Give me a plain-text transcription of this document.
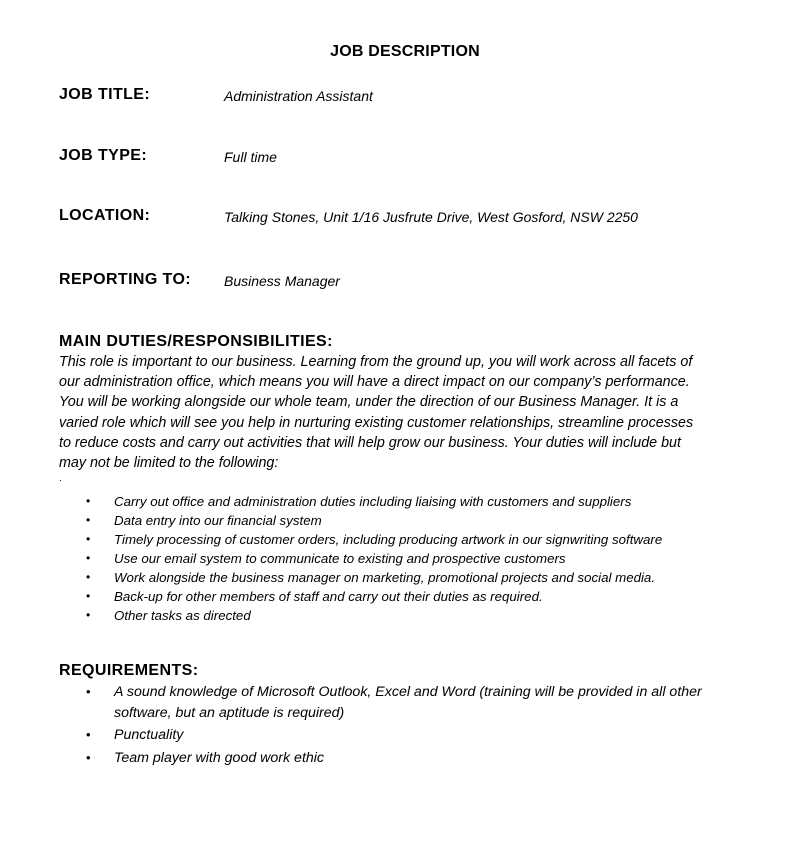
JOB DESCRIPTION
JOB TITLE:	Administration Assistant
JOB TYPE:	Full time
LOCATION:	Talking Stones, Unit 1/16 Jusfrute Drive, West Gosford, NSW 2250
REPORTING TO: Business Manager
MAIN DUTIES/RESPONSIBILITIES:
This role is important to our business. Learning from the ground up, you will work across all facets of
our administration office, which means you will have a direct impact on our company’s performance.
You will be working alongside our whole team, under the direction of our Business Manager. It is a
varied role which will see you help in nurturing existing customer relationships, streamline processes
to reduce costs and carry out activities that will help grow our business. Your duties will include but
may not be limited to the following:
.
• Carry out office and administration duties including liaising with customers and suppliers
• Data entry into our financial system
• Timely processing of customer orders, including producing artwork in our signwriting software
• Use our email system to communicate to existing and prospective customers
• Work alongside the business manager on marketing, promotional projects and social media.
• Back-up for other members of staff and carry out their duties as required.
• Other tasks as directed
REQUIREMENTS:
• A sound knowledge of Microsoft Outlook, Excel and Word (training will be provided in all other
software, but an aptitude is required)
• Punctuality
• Team player with good work ethic
